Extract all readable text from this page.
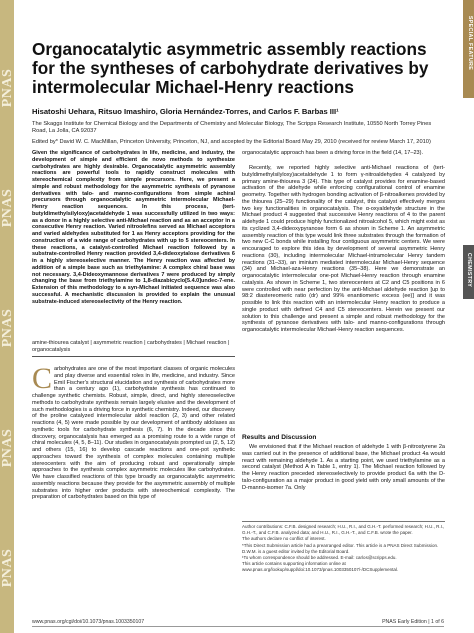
PNAS
PNAS
PNAS
PNAS
PNAS
SPECIAL FEATURE
CHEMISTRY
Organocatalytic asymmetric assembly reactions for the syntheses of carbohydrate derivatives by intermolecular Michael-Henry reactions
Hisatoshi Uehara, Ritsuo Imashiro, Gloria Hernández-Torres, and Carlos F. Barbas III¹
The Skaggs Institute for Chemical Biology and the Departments of Chemistry and Molecular Biology, The Scripps Research Institute, 10550 North Torrey Pines Road, La Jolla, CA 92037
Edited by* David W. C. MacMillan, Princeton University, Princeton, NJ, and accepted by the Editorial Board May 29, 2010 (received for review March 17, 2010)
Given the significance of carbohydrates in life, medicine, and industry, the development of simple and efficient de novo methods to synthesize carbohydrates are highly desirable. Organocatalytic asymmetric assembly reactions are powerful tools to rapidly construct molecules with stereochemical complexity from simple precursors. Here, we present a simple and robust methodology for the asymmetric synthesis of pyranose derivatives with talo- and manno-configurations from simple achiral precursors through organocatalytic asymmetric intermolecular Michael-Henry reaction sequences. In this process, (tert-butyldimethylsilyloxy)acetaldehyde 1 was successfully utilized in two ways: as a donor in a highly selective anti-Michael reaction and as an acceptor in a consecutive Henry reaction. Varied nitroolefins served as Michael acceptors and varied aldehydes substituted for 1 as Henry acceptors providing for the construction of a wide range of carbohydrates with up to 5 stereocenters. In these reactions, a catalyst-controlled Michael reaction followed by a substrate-controlled Henry reaction provided 3,4-dideoxytalose derivatives 6 in a highly stereoselective manner. The Henry reaction was affected by addition of a simple base such as triethylamine: A complex chiral base was not necessary. 3,4-Dideoxymannose derivatives 7 were produced by simply changing the base from triethylamine to 1,8-diazabicyclo[5.4.0]undec-7-ene. Extension of this methodology to a syn-Michael initiated sequence was also successful. A mechanistic discussion is provided to explain the unusual substrate-induced stereoselectivity of the Henry reaction.
amine-thiourea catalyst | asymmetric reaction | carbohydrates | Michael reaction | organocatalysis
C arbohydrates are one of the most important classes of organic molecules and play diverse and essential roles in life, medicine, and industry. Since Emil Fischer's structural elucidation and synthesis of carbohydrates more than a century ago (1), carbohydrate synthesis has continued to challenge synthetic chemists. Robust, simple, direct, and highly stereoselective methods to carbohydrate synthesis remain largely elusive and the development of such methodologies is a driving force in synthetic chemistry. Indeed, our discovery of the proline catalyzed intermolecular aldol reaction (2, 3) and other related reactions (4, 5) were made possible by our development of antibody aldolases as synthetic tools for carbohydrate synthesis (6, 7). In the decade since this discovery, organocatalysis has emerged as a promising route to a wide range of chiral molecules (4, 5, 8–11). Our studies in organocatalysis prompted us (2, 5, 12) and others (15, 16) to develop cascade reactions and one-pot synthetic approaches toward the synthesis of complex molecules containing multiple stereocenters with the aim of producing robust and operationally simple approaches to the synthesis complex asymmetric molecules like carbohydrates. We have classified reactions of this type broadly as organocatalytic asymmetric assembly reactions because they provide for the asymmetric assembly of multiple substrates into higher order products with stereochemical complexity. The preparation of carbohydrates based on this type of
organocatalytic approach has been a driving force in the field (14, 17–23).
Recently, we reported highly selective anti-Michael reactions of (tert-butyldimethylsilyloxy)acetaldehyde 1 to form γ-nitroaldehydes 4 catalyzed by primary amine-thiourea 3 (24). This type of catalyst provides for enamine-based activation of the aldehyde while enforcing configurational control of enamine geometry. Together with hydrogen bonding activation of β-nitroalkenes provided by the thiourea (25–29) functionality of the catalyst, this catalyst effectively merges two key functionalities in organocatalysis. The α-oxyaldehyde structure in the Michael product 4 suggested that successive Henry reactions of 4 to the parent aldehyde 1 could produce highly functionalized nitroalcohol 5, which might exist as its cyclized 3,4-dideoxypyranose form 6 as shown in Scheme 1. An asymmetric assembly reaction of this type would link three substrates through the formation of two new C-C bonds while installing four contiguous asymmetric centers. We were encouraged to explore this idea by development of several asymmetric Henry reactions (30), including intermolecular Michael-intramolecular Henry tandem reactions (31–33), an iminium mediated intermolecular Michael-Henry sequence (34) and Michael-aza-Henry reactions (35–38). Here we demonstrate an organocatalytic intermolecular one-pot Michael-Henry reaction through enamine catalysis. As shown in Scheme 1, two stereocenters at C2 and C5 positions in 6 were controlled with near perfection by the anti-Michael aldehyde reaction [up to 98:2 diastereomeric ratio (dr) and 99% enantiomeric excess (ee)] and it was possible to link this reaction with an intermolecular Henry reaction to produce a single product with defined C4 and C5 stereocenters. Herein we present our solution to this challenge and present a simple and robust methodology for the synthesis of pyranose derivatives with talo- and manno-configurations through organocatalytic intermolecular Michael-Henry reaction sequences.
Results and Discussion
We envisioned that if the Michael reaction of aldehyde 1 with β-nitrostyrene 2a was carried out in the presence of additional base, the Michael product 4a would react with remaining aldehyde 1. As a starting point, we used triethylamine as a second catalyst (Method A in Table 1, entry 1). The Michael reaction followed by the Henry reaction preceded stereoselectively to provide product 6a with the D-talo-configuration as a major product in good yield with only small amounts of the D-manno-isomer 7a. Only
Author contributions: C.F.B. designed research; H.U., R.I., and G.H.-T. performed research; H.U., R.I., G.H.-T., and C.F.B. analyzed data; and H.U., R.I., G.H.-T., and C.F.B. wrote the paper.
The authors declare no conflict of interest.
*This Direct Submission article had a prearranged editor. This article is a PNAS Direct Submission. D.W.M. is a guest editor invited by the Editorial Board.
¹To whom correspondence should be addressed. E-mail: carlos@scripps.edu.
This article contains supporting information online at www.pnas.org/lookup/suppl/doi:10.1073/pnas.1003350107/-/DCSupplemental.
www.pnas.org/cgi/doi/10.1073/pnas.1003350107	PNAS Early Edition | 1 of 6
